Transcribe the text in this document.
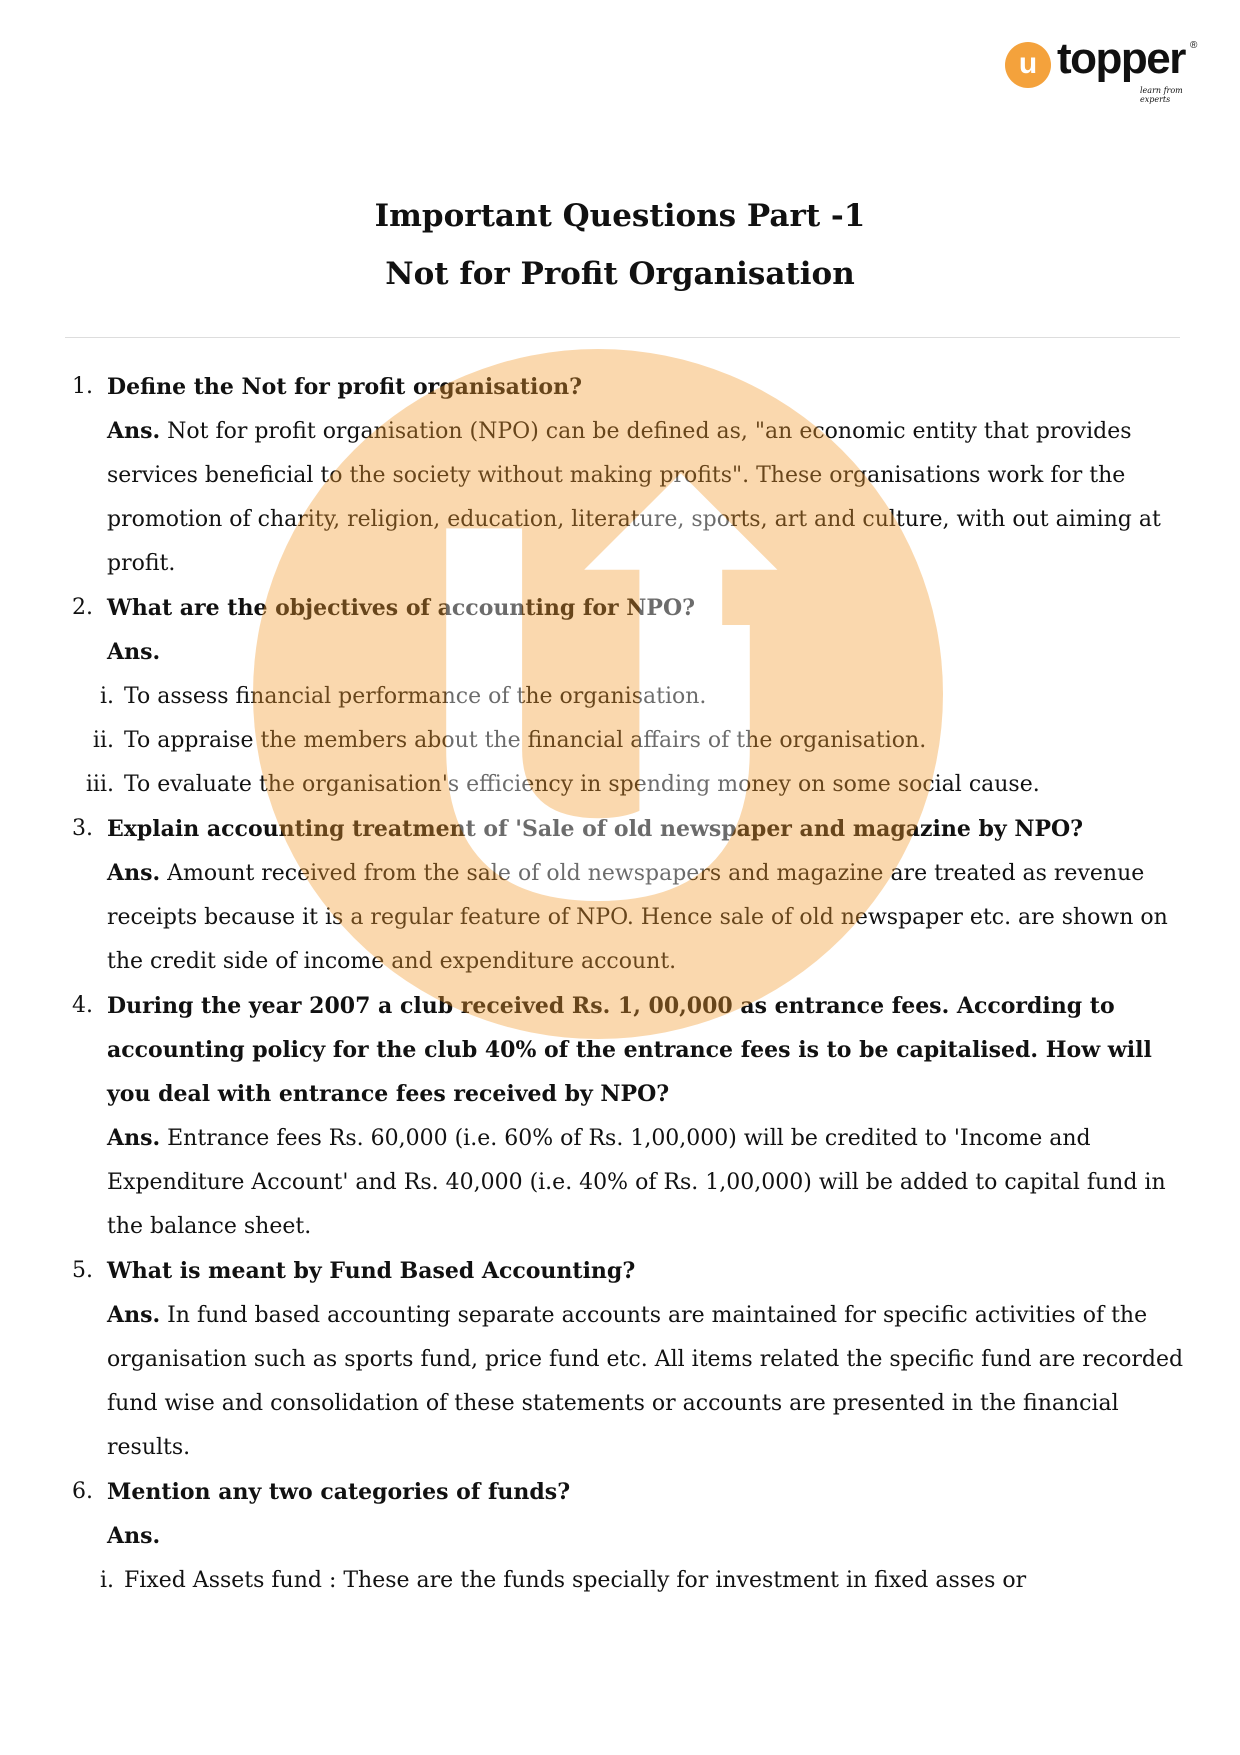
u topper ®
learn from experts
Important Questions Part -1
Not for Profit Organisation
1. Define the Not for profit organisation?
Ans. Not for profit organisation (NPO) can be defined as, "an economic entity that provides services beneficial to the society without making profits". These organisations work for the promotion of charity, religion, education, literature, sports, art and culture, with out aiming at profit.
2. What are the objectives of accounting for NPO?
Ans.
i. To assess financial performance of the organisation.
ii. To appraise the members about the financial affairs of the organisation.
iii. To evaluate the organisation's efficiency in spending money on some social cause.
3. Explain accounting treatment of 'Sale of old newspaper and magazine by NPO?
Ans. Amount received from the sale of old newspapers and magazine are treated as revenue receipts because it is a regular feature of NPO. Hence sale of old newspaper etc. are shown on the credit side of income and expenditure account.
4. During the year 2007 a club received Rs. 1, 00,000 as entrance fees. According to accounting policy for the club 40% of the entrance fees is to be capitalised. How will you deal with entrance fees received by NPO?
Ans. Entrance fees Rs. 60,000 (i.e. 60% of Rs. 1,00,000) will be credited to 'Income and Expenditure Account' and Rs. 40,000 (i.e. 40% of Rs. 1,00,000) will be added to capital fund in the balance sheet.
5. What is meant by Fund Based Accounting?
Ans. In fund based accounting separate accounts are maintained for specific activities of the organisation such as sports fund, price fund etc. All items related the specific fund are recorded fund wise and consolidation of these statements or accounts are presented in the financial results.
6. Mention any two categories of funds?
Ans.
i. Fixed Assets fund : These are the funds specially for investment in fixed asses or
